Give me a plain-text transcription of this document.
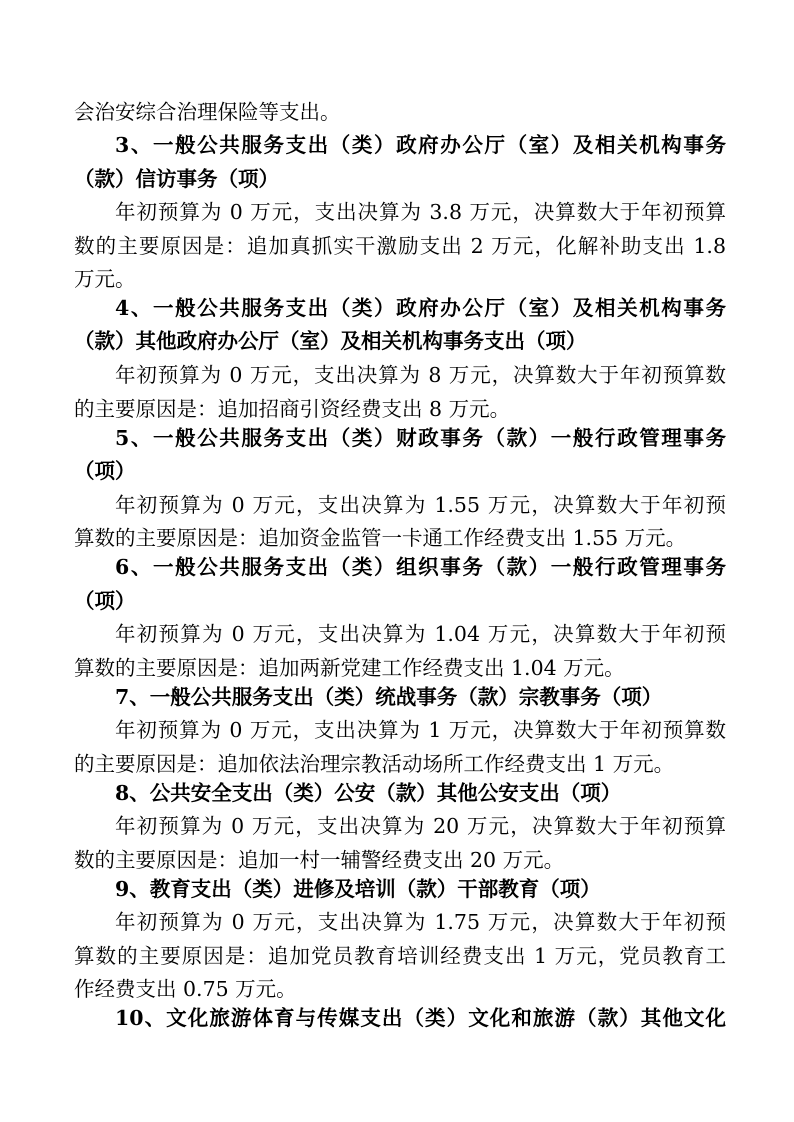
会治安综合治理保险等支出。
3、一般公共服务支出（类）政府办公厅（室）及相关机构事务
（款）信访事务（项）
年初预算为 0 万元，支出决算为 3.8 万元，决算数大于年初预算
数的主要原因是：追加真抓实干激励支出 2 万元，化解补助支出 1.8
万元。
4、一般公共服务支出（类）政府办公厅（室）及相关机构事务
（款）其他政府办公厅（室）及相关机构事务支出（项）
年初预算为 0 万元，支出决算为 8 万元，决算数大于年初预算数
的主要原因是：追加招商引资经费支出 8 万元。
5、一般公共服务支出（类）财政事务（款）一般行政管理事务
（项）
年初预算为 0 万元，支出决算为 1.55 万元，决算数大于年初预
算数的主要原因是：追加资金监管一卡通工作经费支出 1.55 万元。
6、一般公共服务支出（类）组织事务（款）一般行政管理事务
（项）
年初预算为 0 万元，支出决算为 1.04 万元，决算数大于年初预
算数的主要原因是：追加两新党建工作经费支出 1.04 万元。
7、一般公共服务支出（类）统战事务（款）宗教事务（项）
年初预算为 0 万元，支出决算为 1 万元，决算数大于年初预算数
的主要原因是：追加依法治理宗教活动场所工作经费支出 1 万元。
8、公共安全支出（类）公安（款）其他公安支出（项）
年初预算为 0 万元，支出决算为 20 万元，决算数大于年初预算
数的主要原因是：追加一村一辅警经费支出 20 万元。
9、教育支出（类）进修及培训（款）干部教育（项）
年初预算为 0 万元，支出决算为 1.75 万元，决算数大于年初预
算数的主要原因是：追加党员教育培训经费支出 1 万元，党员教育工
作经费支出 0.75 万元。
10、文化旅游体育与传媒支出（类）文化和旅游（款）其他文化
